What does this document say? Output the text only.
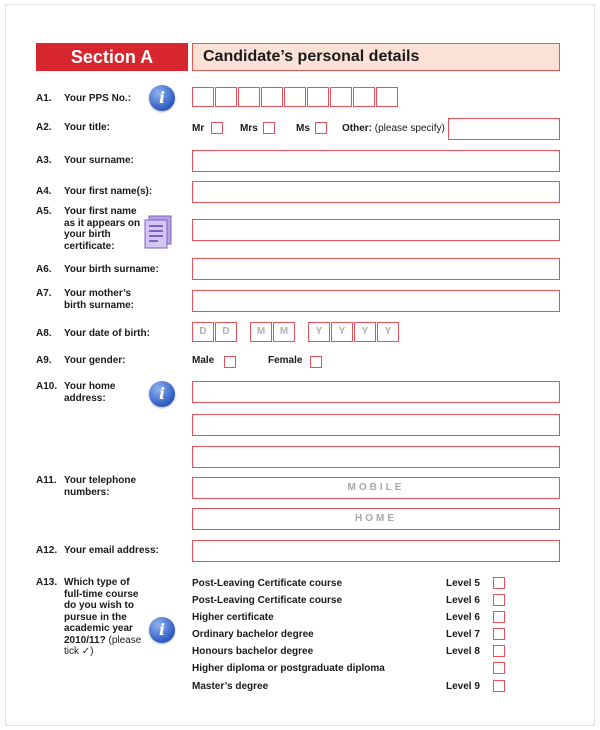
Section A	Candidate’s personal details
A1. Your PPS No.:	i
A2. Your title:	Mr	Mrs	Ms	Other: (please specify)
A3. Your surname:
A4. Your first name(s):
A5. Your first name as it appears on your birth certificate:
A6. Your birth surname:
A7. Your mother’s birth surname:
A8. Your date of birth:	D	D	M	M	Y	Y	Y	Y
A9. Your gender:	Male	Female
A10. Your home address:	i
A11. Your telephone numbers:	MOBILE
HOME
A12. Your email address:
A13. Which type of full-time course do you wish to pursue in the academic year 2010/11? (please tick ✓)
i
Post-Leaving Certificate course	Level 5
Post-Leaving Certificate course	Level 6
Higher certificate	Level 6
Ordinary bachelor degree	Level 7
Honours bachelor degree	Level 8
Higher diploma or postgraduate diploma
Master’s degree	Level 9
